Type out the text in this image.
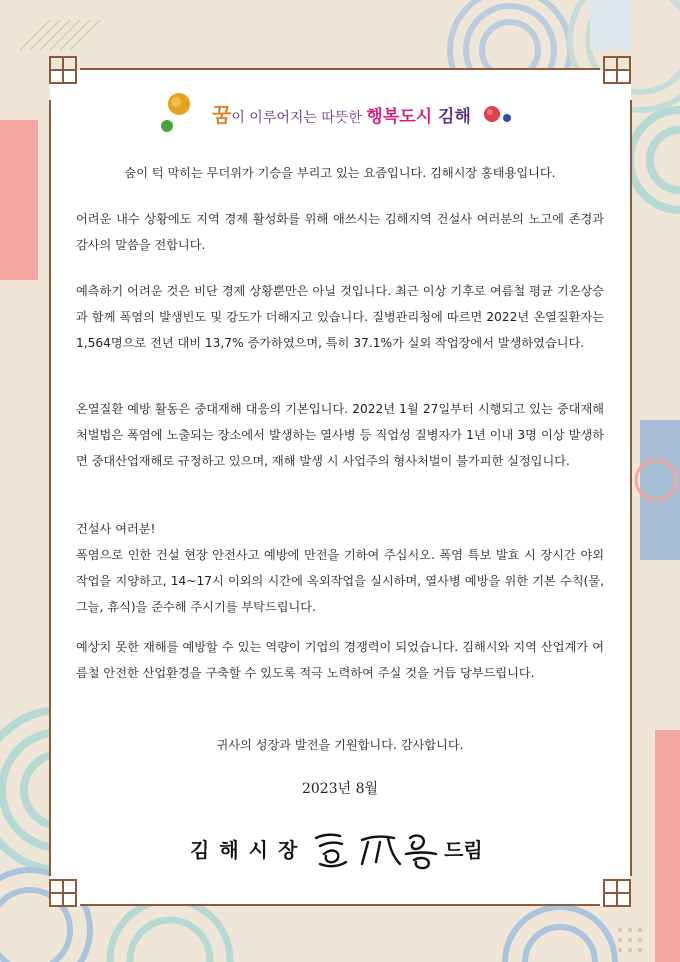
꿈이 이루어지는 따뜻한 행복도시 김해

숨이 턱 막히는 무더위가 기승을 부리고 있는 요즘입니다. 김해시장 홍태용입니다.

어려운 내수 상황에도 지역 경제 활성화를 위해 애쓰시는 김해지역 건설사 여러분의 노고에 존경과 감사의 말씀을 전합니다.

예측하기 어려운 것은 비단 경제 상황뿐만은 아닐 것입니다. 최근 이상 기후로 여름철 평균 기온상승과 함께 폭염의 발생빈도 및 강도가 더해지고 있습니다. 질병관리청에 따르면 2022년 온열질환자는 1,564명으로 전년 대비 13,7% 증가하였으며, 특히 37.1%가 실외 작업장에서 발생하였습니다.

온열질환 예방 활동은 중대재해 대응의 기본입니다. 2022년 1월 27일부터 시행되고 있는 중대재해처벌법은 폭염에 노출되는 장소에서 발생하는 열사병 등 직업성 질병자가 1년 이내 3명 이상 발생하면 중대산업재해로 규정하고 있으며, 재해 발생 시 사업주의 형사처벌이 불가피한 실정입니다.

건설사 여러분!

폭염으로 인한 건설 현장 안전사고 예방에 만전을 기하여 주십시오. 폭염 특보 발효 시 장시간 야외 작업을 지양하고, 14~17시 이외의 시간에 옥외작업을 실시하며, 열사병 예방을 위한 기본 수칙(물, 그늘, 휴식)을 준수해 주시기를 부탁드립니다.

예상치 못한 재해를 예방할 수 있는 역량이 기업의 경쟁력이 되었습니다. 김해시와 지역 산업계가 여름철 안전한 산업환경을 구축할 수 있도록 적극 노력하여 주실 것을 거듭 당부드립니다.

귀사의 성장과 발전을 기원합니다. 감사합니다.

2023년 8월

김해시장	드림
